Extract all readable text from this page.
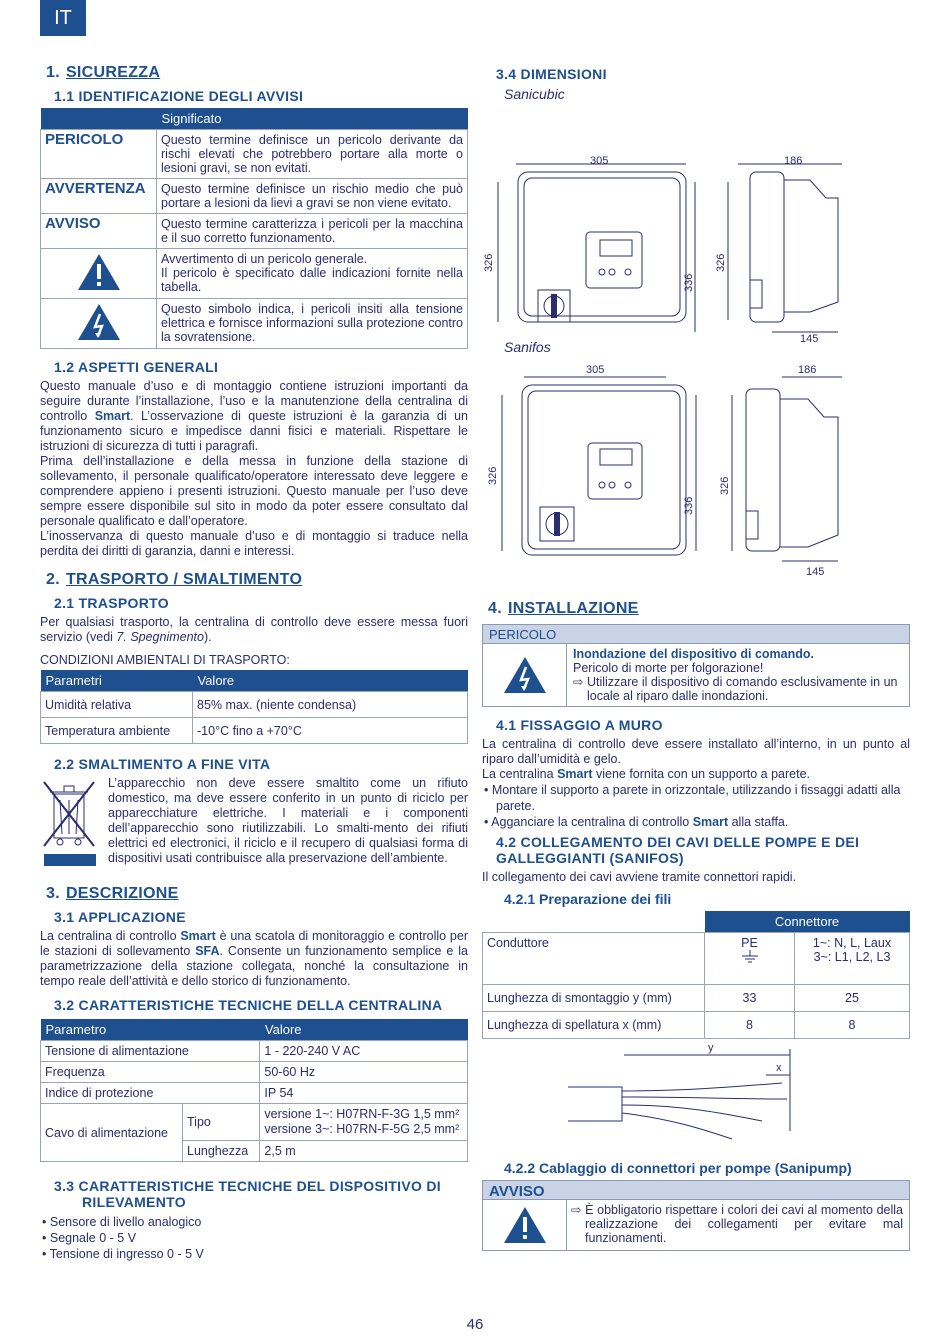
IT
1. SICUREZZA
1.1 IDENTIFICAZIONE DEGLI AVVISI
	Significato
PERICOLO	Questo termine definisce un pericolo derivante da rischi elevati che potrebbero portare alla morte o lesioni gravi, se non evitati.
AVVERTENZA	Questo termine definisce un rischio medio che può portare a lesioni da lievi a gravi se non viene evitato.
AVVISO	Questo termine caratterizza i pericoli per la macchina e il suo corretto funzionamento.
	Avvertimento di un pericolo generale.
Il pericolo è specificato dalle indicazioni fornite nella tabella.
	Questo simbolo indica, i pericoli insiti alla tensione elettrica e fornisce informazioni sulla protezione contro la sovratensione.
1.2 ASPETTI GENERALI

Questo manuale d’uso e di montaggio contiene istruzioni importanti da seguire durante l’installazione, l’uso e la manutenzione della centralina di controllo Smart. L’osservazione di queste istruzioni è la garanzia di un funzionamento sicuro e impedisce danni fisici e materiali. Rispettare le istruzioni di sicurezza di tutti i paragrafi.

Prima dell’installazione e della messa in funzione della stazione di sollevamento, il personale qualificato/operatore interessato deve leggere e comprendere appieno i presenti istruzioni. Questo manuale per l’uso deve sempre essere disponibile sul sito in modo da poter essere consultato dal personale qualificato e dall’operatore.

L’inosservanza di questo manuale d’uso e di montaggio si traduce nella perdita dei diritti di garanzia, danni e interessi.

2. TRASPORTO / SMALTIMENTO
2.1 TRASPORTO

Per qualsiasi trasporto, la centralina di controllo deve essere messa fuori servizio (vedi 7. Spegnimento).

CONDIZIONI AMBIENTALI DI TRASPORTO:
Parametri	Valore
Umidità relativa	85% max. (niente condensa)
Temperatura ambiente	-10°C fino a +70°C
2.2 SMALTIMENTO A FINE VITA

L’apparecchio non deve essere smaltito come un rifiuto domestico, ma deve essere conferito in un punto di riciclo per apparecchiature elettriche. I materiali e i componenti dell’apparecchio sono riutilizzabili. Lo smalti-mento dei rifiuti elettrici ed electronici, il riciclo e il recupero di qualsiasi forma di dispositivi usati contribuisce alla preservazione dell’ambiente.

3. DESCRIZIONE
3.1 APPLICAZIONE

La centralina di controllo Smart è una scatola di monitoraggio e controllo per le stazioni di sollevamento SFA. Consente un funzionamento semplice e la parametrizzazione della stazione collegata, nonché la consultazione in tempo reale dell’attività e dello storico di funzionamento.

3.2 CARATTERISTICHE TECNICHE DELLA CENTRALINA
Parametro		Valore
Tensione di alimentazione		1 - 220-240 V AC
Frequenza		50-60 Hz
Indice di protezione		IP 54
Cavo di alimentazione	Tipo	versione 1~: H07RN-F-3G 1,5 mm²
versione 3~: H07RN-F-5G 2,5 mm²
	Lunghezza	2,5 m
3.3 CARATTERISTICHE TECNICHE DEL DISPOSITIVO DI RILEVAMENTO
• Sensore di livello analogico
• Segnale 0 - 5 V
• Tensione di ingresso 0 - 5 V
3.4 DIMENSIONI
Sanicubic
305
326
336
186
326
145
Sanifos
305
326
336
186
326
145
4. INSTALLAZIONE
PERICOLO
Inondazione del dispositivo di comando.
Pericolo di morte per folgorazione!
⇨ Utilizzare il dispositivo di comando esclusivamente in un locale al riparo dalle inondazioni.
4.1 FISSAGGIO A MURO

La centralina di controllo deve essere installato all’interno, in un punto al riparo dall’umidità e gelo.

La centralina Smart viene fornita con un supporto a parete.

• Montare il supporto a parete in orizzontale, utilizzando i fissaggi adatti alla parete.
• Agganciare la centralina di controllo Smart alla staffa.
4.2 COLLEGAMENTO DEI CAVI DELLE POMPE E DEI GALLEGGIANTI (SANIFOS)

Il collegamento dei cavi avviene tramite connettori rapidi.

4.2.1 Preparazione dei fili
	Connettore	
Conduttore	PE	1~: N, L, Laux
3~: L1, L2, L3

Lunghezza di smontaggio y (mm)	33	25
Lunghezza di spellatura x (mm)	8	8
y
x
4.2.2 Cablaggio di connettori per pompe (Sanipump)
AVVISO
⇨ È obbligatorio rispettare i colori dei cavi al momento della realizzazione dei collegamenti per evitare mal funzionamenti.
46
